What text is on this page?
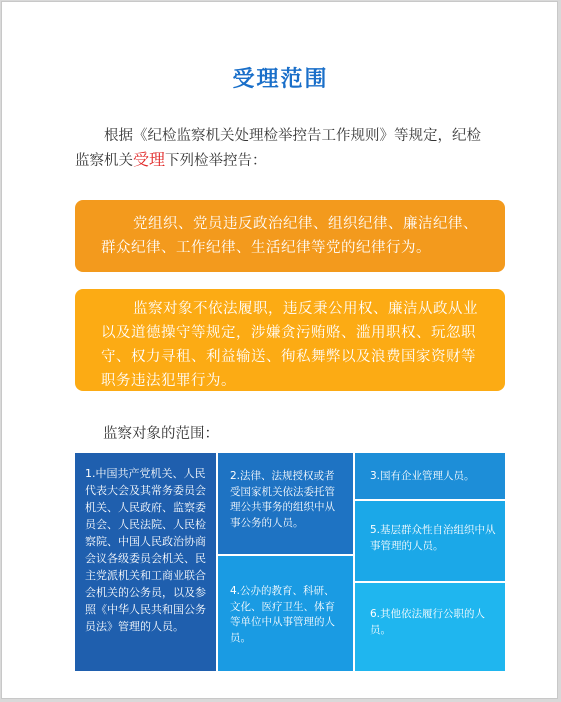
受理范围
根据《纪检监察机关处理检举控告工作规则》等规定，纪检监察机关受理下列检举控告：
党组织、党员违反政治纪律、组织纪律、廉洁纪律、群众纪律、工作纪律、生活纪律等党的纪律行为。
监察对象不依法履职，违反秉公用权、廉洁从政从业以及道德操守等规定，涉嫌贪污贿赂、滥用职权、玩忽职守、权力寻租、利益输送、徇私舞弊以及浪费国家资财等职务违法犯罪行为。
监察对象的范围：
1.中国共产党机关、人民代表大会及其常务委员会机关、人民政府、监察委员会、人民法院、人民检察院、中国人民政治协商会议各级委员会机关、民主党派机关和工商业联合会机关的公务员，以及参照《中华人民共和国公务员法》管理的人员。
2.法律、法规授权或者受国家机关依法委托管理公共事务的组织中从事公务的人员。
3.国有企业管理人员。
4.公办的教育、科研、文化、医疗卫生、体育等单位中从事管理的人员。
5.基层群众性自治组织中从事管理的人员。
6.其他依法履行公职的人员。
